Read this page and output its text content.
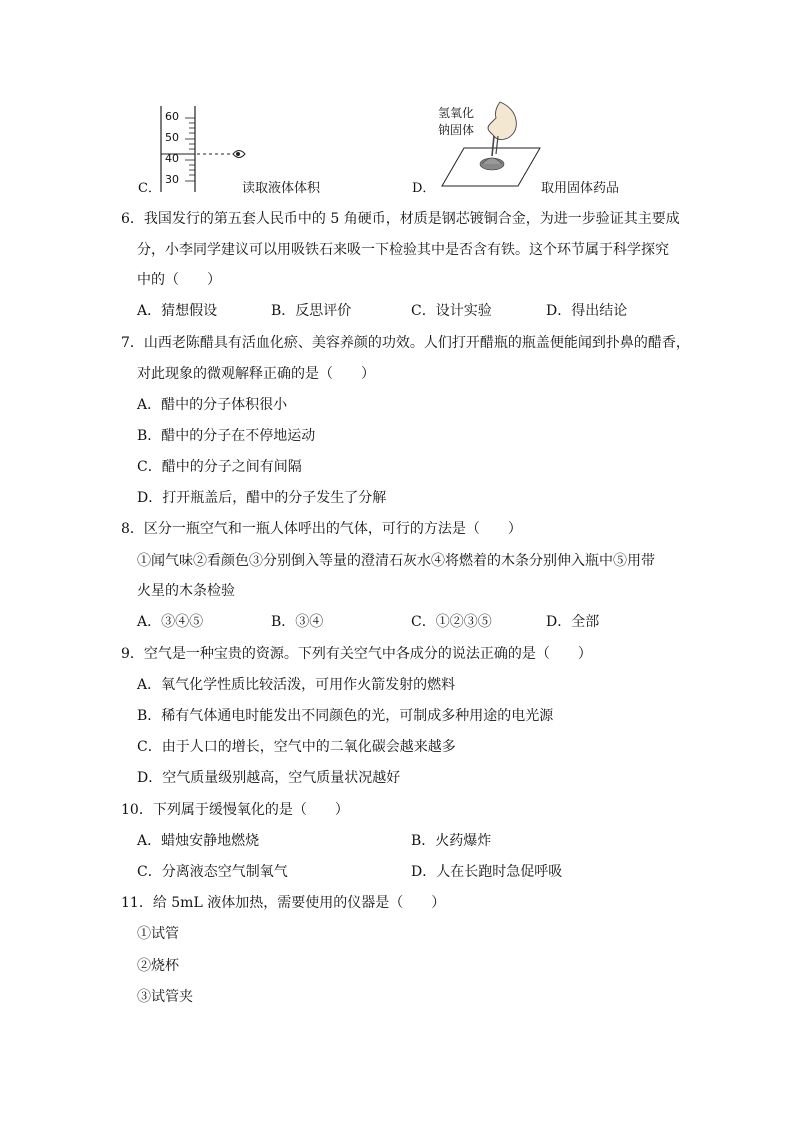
C．
60
50
40
30
读取液体体积	D．
氢氧化
钠固体
取用固体药品
6．我国发行的第五套人民币中的 5 角硬币，材质是钢芯镀铜合金，为进一步验证其主要成
分，小李同学建议可以用吸铁石来吸一下检验其中是否含有铁。这个环节属于科学探究
中的（　　）
A．猜想假设	B．反思评价	C．设计实验	D．得出结论
7．山西老陈醋具有活血化瘀、美容养颜的功效。人们打开醋瓶的瓶盖便能闻到扑鼻的醋香，
对此现象的微观解释正确的是（　　）
A．醋中的分子体积很小
B．醋中的分子在不停地运动
C．醋中的分子之间有间隔
D．打开瓶盖后，醋中的分子发生了分解
8．区分一瓶空气和一瓶人体呼出的气体，可行的方法是（　　）
①闻气味②看颜色③分别倒入等量的澄清石灰水④将燃着的木条分别伸入瓶中⑤用带
火星的木条检验
A．③④⑤	B．③④	C．①②③⑤	D．全部
9．空气是一种宝贵的资源。下列有关空气中各成分的说法正确的是（　　）
A．氧气化学性质比较活泼，可用作火箭发射的燃料
B．稀有气体通电时能发出不同颜色的光，可制成多种用途的电光源
C．由于人口的增长，空气中的二氧化碳会越来越多
D．空气质量级别越高，空气质量状况越好
10．下列属于缓慢氧化的是（　　）
A．蜡烛安静地燃烧	B．火药爆炸
C．分离液态空气制氧气	D．人在长跑时急促呼吸
11．给 5mL 液体加热，需要使用的仪器是（　　）
①试管
②烧杯
③试管夹
